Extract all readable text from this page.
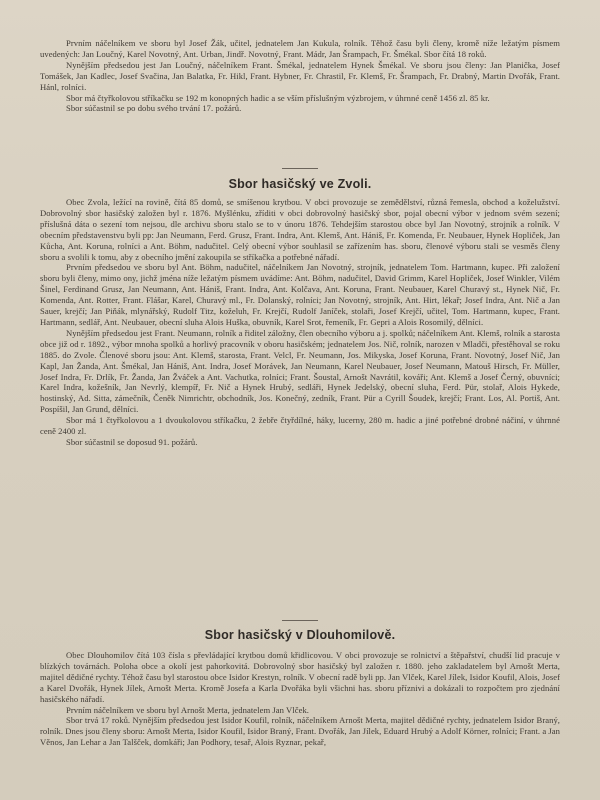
Prvním náčelníkem ve sboru byl Josef Žák, učitel, jednatelem Jan Kukula, rolník. Těhož času byli členy, kromě níže ležatým písmem uvedených: Jan Loučný, Karel Novotný, Ant. Urban, Jindř. Novotný, Frant. Mádr, Jan Šrampach, Fr. Šmékal. Sbor čítá 18 roků.

Nynějším předsedou jest Jan Loučný, náčelníkem Frant. Šmékal, jednatelem Hynek Šmékal. Ve sboru jsou členy: Jan Planička, Josef Tomášek, Jan Kadlec, Josef Svačina, Jan Balatka, Fr. Hikl, Frant. Hybner, Fr. Chrastil, Fr. Klemš, Fr. Šrampach, Fr. Drabný, Martin Dvořák, Frant. Hánl, rolníci.

Sbor má čtyřkolovou stříkačku se 192 m konopných hadic a se vším příslušným výzbrojem, v úhrnné ceně 1456 zl. 85 kr.

Sbor súčastnil se po dobu svého trvání 17. požárů.

Sbor hasičský ve Zvoli.

Obec Zvola, ležící na rovině, čítá 85 domů, se smíšenou krytbou. V obci provozuje se zemědělství, různá řemesla, obchod a koželužství. Dobrovolný sbor hasičský založen byl r. 1876. Myšlénku, zříditi v obci dobrovolný hasičský sbor, pojal obecní výbor v jednom svém sezení; příslušná dáta o sezení tom nejsou, dle archivu sboru stalo se to v únoru 1876. Tehdejším starostou obce byl Jan Novotný, strojník a rolník. V obecním představenstvu byli pp: Jan Neumann, Ferd. Grusz, Frant. Indra, Ant. Klemš, Ant. Hániš, Fr. Komenda, Fr. Neubauer, Hynek Hopliček, Jan Kůcha, Ant. Koruna, rolníci a Ant. Böhm, nadučitel. Celý obecní výbor souhlasil se zařízením has. sboru, členové výboru stali se vesměs členy sboru a svolili k tomu, aby z obecního jmění zakoupila se stříkačka a potřebné nářadí.

Prvním předsedou ve sboru byl Ant. Böhm, nadučitel, náčelníkem Jan Novotný, strojník, jednatelem Tom. Hartmann, kupec. Při založení sboru byli členy, mimo ony, jichž jména níže ležatým písmem uvádíme: Ant. Böhm, nadučitel, David Grimm, Karel Hopliček, Josef Winkler, Vilém Šinel, Ferdinand Grusz, Jan Neumann, Ant. Hániš, Frant. Indra, Ant. Kolčava, Ant. Koruna, Frant. Neubauer, Karel Churavý st., Hynek Nič, Fr. Komenda, Ant. Rotter, Frant. Flášar, Karel, Churavý ml., Fr. Dolanský, rolníci; Jan Novotný, strojník, Ant. Hirt, lékař; Josef Indra, Ant. Nič a Jan Sauer, krejčí; Jan Piňák, mlynářský, Rudolf Titz, koželuh, Fr. Krejčí, Rudolf Janíček, stolaři, Josef Krejčí, učitel, Tom. Hartmann, kupec, Frant. Hartmann, sedlář, Ant. Neubauer, obecní sluha Alois Huška, obuvník, Karel Srot, řemeník, Fr. Gepri a Alois Rosomilý, dělníci.

Nynějším předsedou jest Frant. Neumann, rolník a řiditel záložny, člen obecního výboru a j. spolků; náčelníkem Ant. Klemš, rolník a starosta obce již od r. 1892., výbor mnoha spolků a horlivý pracovník v oboru hasičském; jednatelem Jos. Nič, rolník, narozen v Mladči, přestěhoval se roku 1885. do Zvole. Členové sboru jsou: Ant. Klemš, starosta, Frant. Velcl, Fr. Neumann, Jos. Mikyska, Josef Koruna, Frant. Novotný, Josef Nič, Jan Kapl, Jan Žanda, Ant. Šmékal, Jan Hániš, Ant. Indra, Josef Morávek, Jan Neumann, Karel Neubauer, Josef Neumann, Matouš Hirsch, Fr. Müller, Josef Indra, Fr. Drlík, Fr. Žanda, Jan Žváček a Ant. Vachutka, rolníci; Frant. Šoustal, Arnošt Navrátil, kováři; Ant. Klemš a Josef Černý, obuvníci; Karel Indra, kožešník, Jan Nevrlý, klempíř, Fr. Nič a Hynek Hrubý, sedláři, Hynek Jedelský, obecní sluha, Ferd. Pür, stolař, Alois Hykede, hostinský, Ad. Sitta, zámečník, Čeněk Nimrichtr, obchodník, Jos. Konečný, zedník, Frant. Pür a Cyrill Šoudek, krejčí; Frant. Los, Al. Portiš, Ant. Pospíšil, Jan Grund, dělníci.

Sbor má 1 čtyřkolovou a 1 dvoukolovou stříkačku, 2 žebře čtyřdílné, háky, lucerny, 280 m. hadic a jiné potřebné drobné náčiní, v úhrnné ceně 2400 zl.

Sbor súčastnil se doposud 91. požárů.

Sbor hasičský v Dlouhomilově.

Obec Dlouhomilov čítá 103 čísla s převládající krytbou domů křidlicovou. V obci provozuje se rolnictví a štěpařství, chudší lid pracuje v blízkých továrnách. Poloha obce a okolí jest pahorkovitá. Dobrovolný sbor hasičský byl založen r. 1880. jeho zakladatelem byl Arnošt Merta, majitel dědičné rychty. Téhož času byl starostou obce Isidor Krestyn, rolník. V obecní radě byli pp. Jan Vlček, Karel Jílek, Isidor Koufil, Alois, Josef a Karel Dvořák, Hynek Jílek, Arnošt Merta. Kromě Josefa a Karla Dvořáka byli všichni has. sboru příznivi a dokázali to rozpočtem pro zjednání hasičského nářadí.

Prvním náčelníkem ve sboru byl Arnošt Merta, jednatelem Jan Vlček.

Sbor trvá 17 roků. Nynějším předsedou jest Isidor Koufil, rolník, náčelníkem Arnošt Merta, majitel dědičné rychty, jednatelem Isidor Braný, rolník. Dnes jsou členy sboru: Arnošt Merta, Isidor Koufil, Isidor Braný, Frant. Dvořák, Jan Jílek, Eduard Hrubý a Adolf Körner, rolníci; Frant. a Jan Věnos, Jan Lehar a Jan Talšček, domkáři; Jan Podhory, tesař, Alois Ryznar, pekař,
